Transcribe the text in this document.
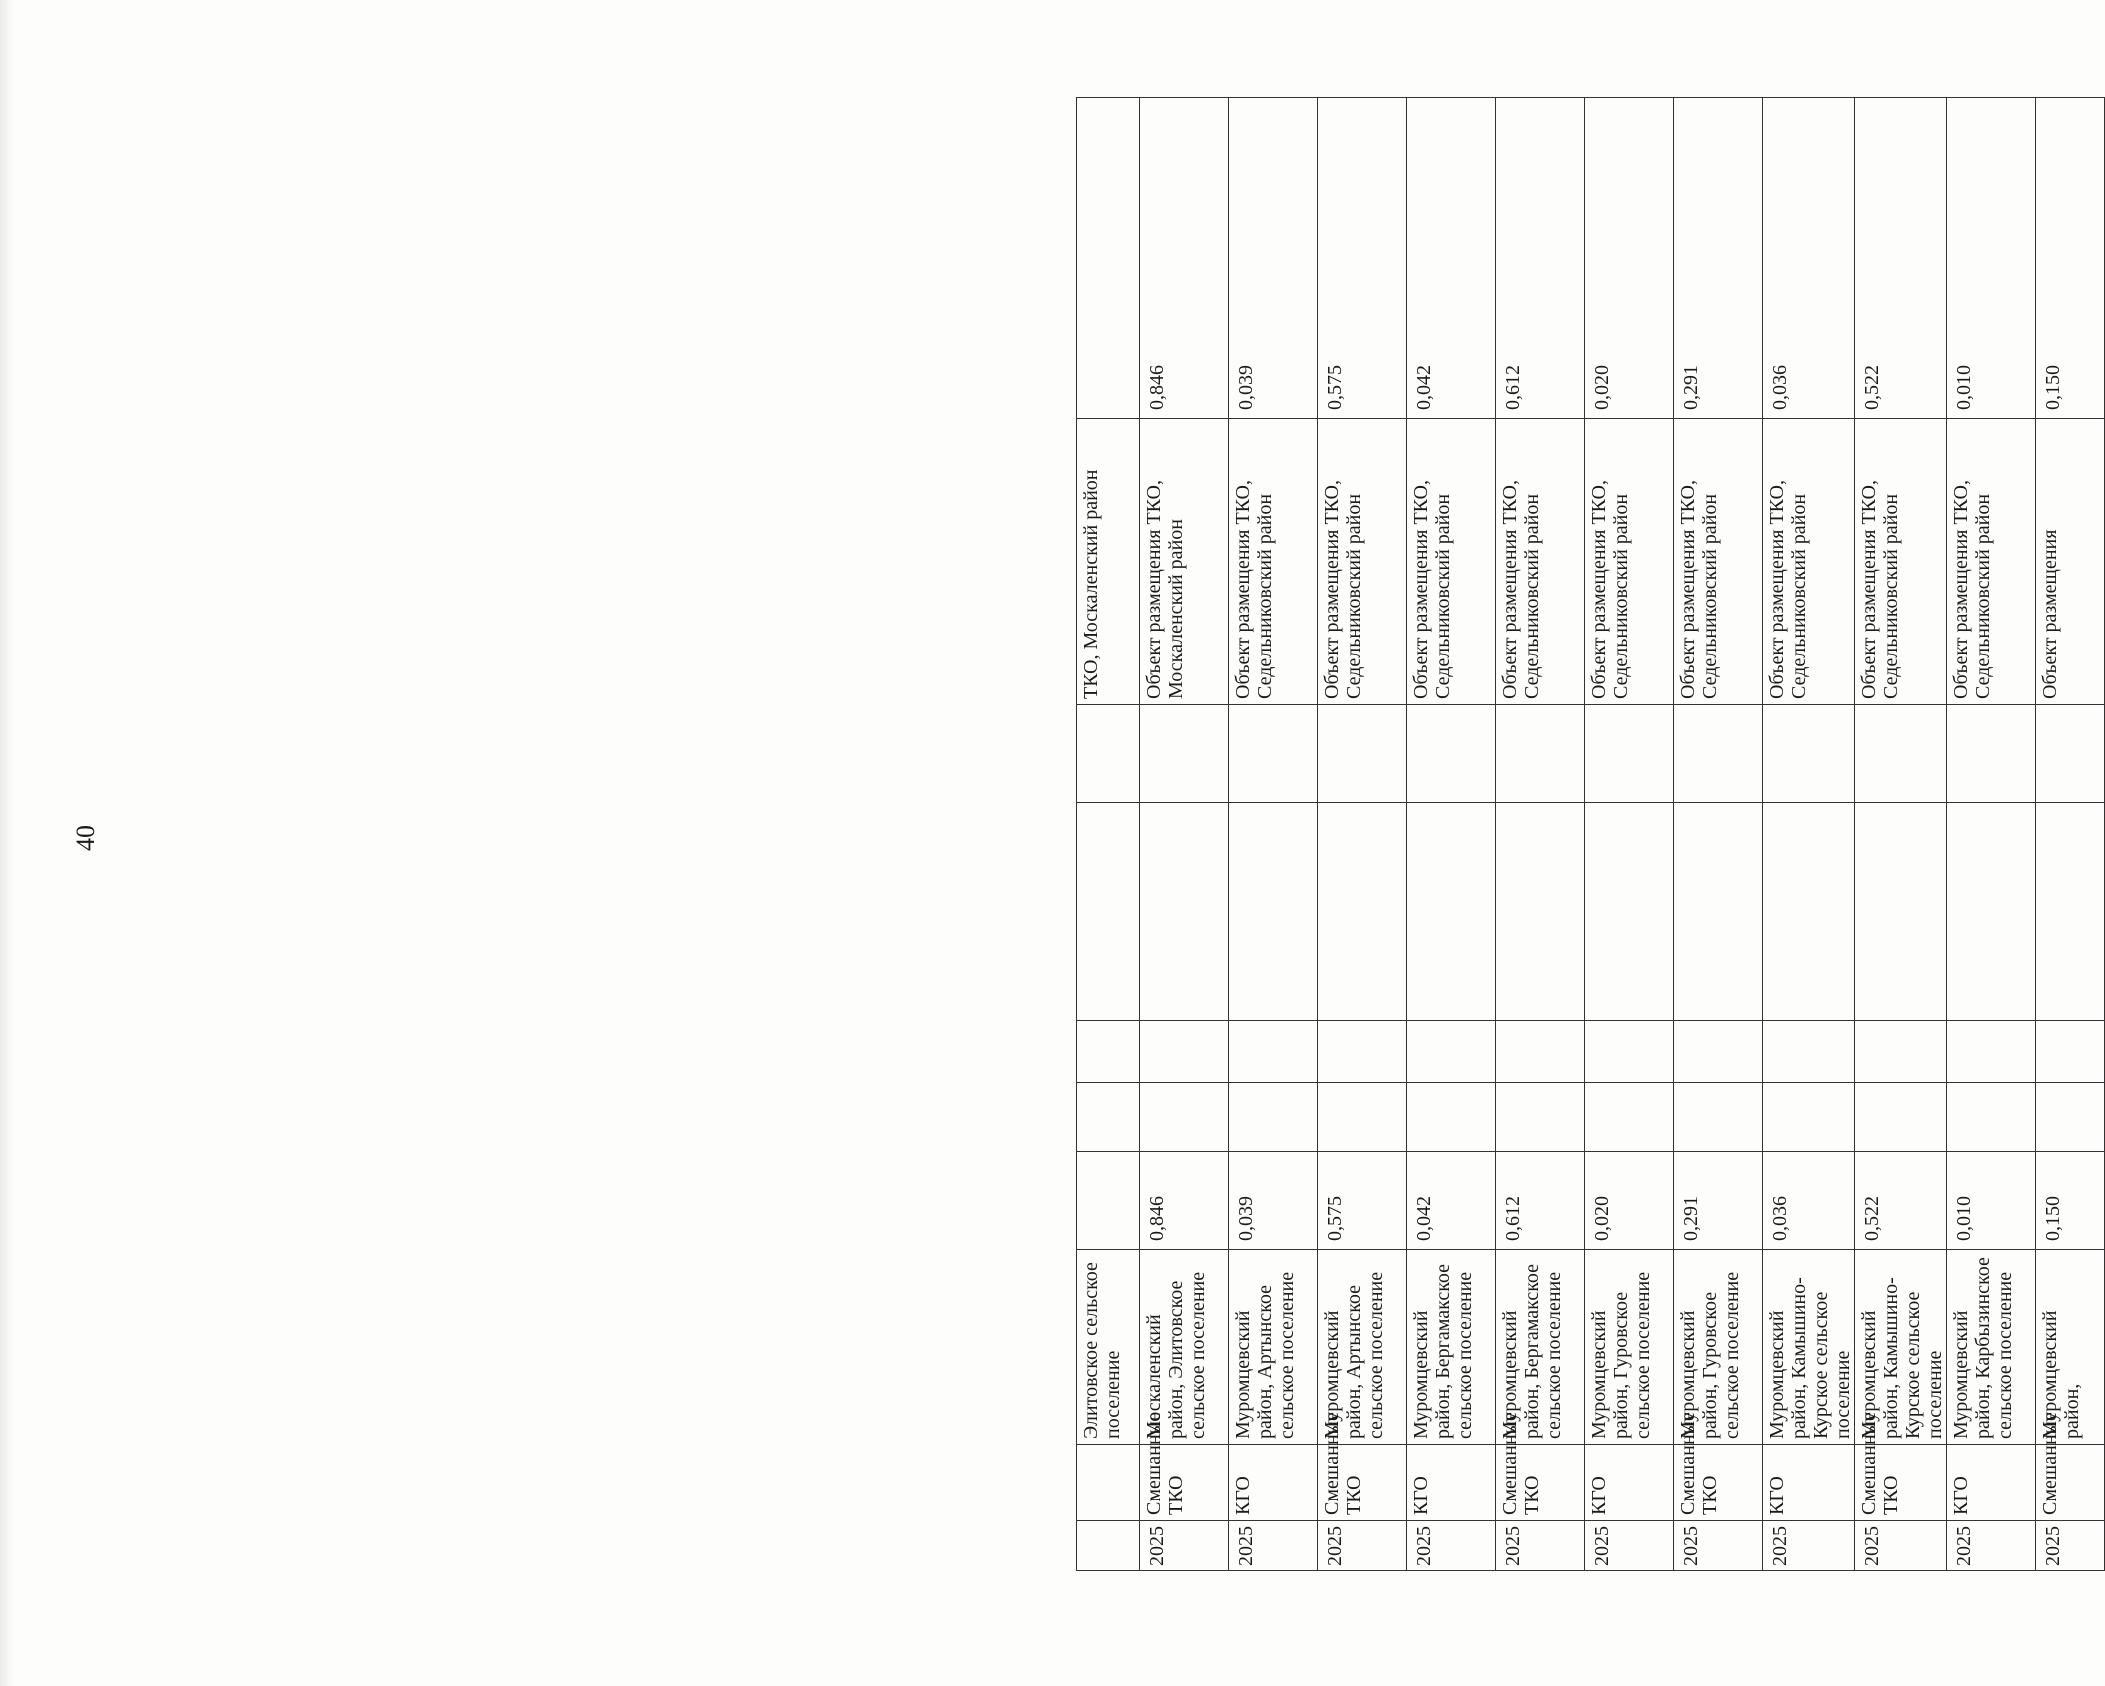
40
		Элитовское сельское поселение						ТКО, Москаленский район	
2025	Смешанные ТКО	Москаленский район, Элитовское сельское поселение	0,846					Объект размещения ТКО, Москаленский район	0,846
2025	КГО	Муромцевский район, Артынское сельское поселение	0,039					Объект размещения ТКО, Седельниковский район	0,039
2025	Смешанные ТКО	Муромцевский район, Артынское сельское поселение	0,575					Объект размещения ТКО, Седельниковский район	0,575
2025	КГО	Муромцевский район, Бергамакское сельское поселение	0,042					Объект размещения ТКО, Седельниковский район	0,042
2025	Смешанные ТКО	Муромцевский район, Бергамакское сельское поселение	0,612					Объект размещения ТКО, Седельниковский район	0,612
2025	КГО	Муромцевский район, Гуровское сельское поселение	0,020					Объект размещения ТКО, Седельниковский район	0,020
2025	Смешанные ТКО	Муромцевский район, Гуровское сельское поселение	0,291					Объект размещения ТКО, Седельниковский район	0,291
2025	КГО	Муромцевский район, Камышино-Курское сельское поселение	0,036					Объект размещения ТКО, Седельниковский район	0,036
2025	Смешанные ТКО	Муромцевский район, Камышино-Курское сельское поселение	0,522					Объект размещения ТКО, Седельниковский район	0,522
2025	КГО	Муромцевский район, Карбызинское сельское поселение	0,010					Объект размещения ТКО, Седельниковский район	0,010
2025	Смешанные	Муромцевский район,	0,150					Объект размещения	0,150
